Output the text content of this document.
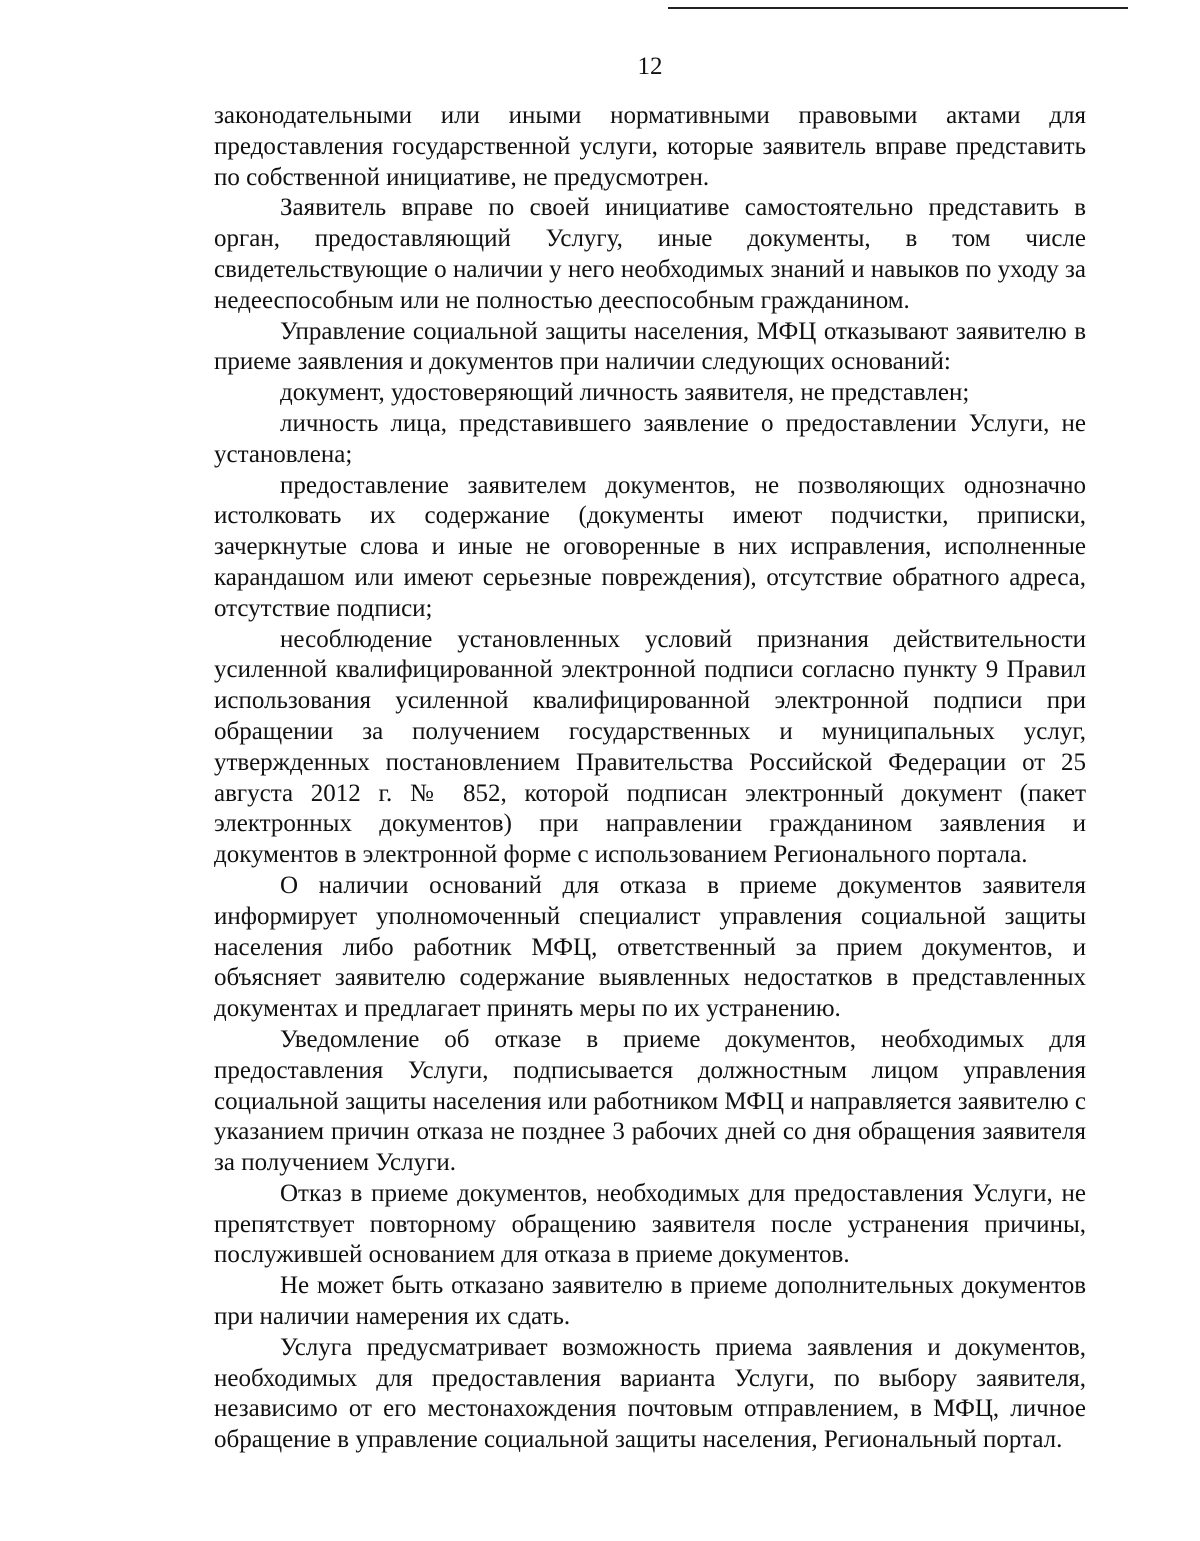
12

законодательными или иными нормативными правовыми актами для предоставления государственной услуги, которые заявитель вправе представить по собственной инициативе, не предусмотрен.

Заявитель вправе по своей инициативе самостоятельно представить в орган, предоставляющий Услугу, иные документы, в том числе свидетельствующие о наличии у него необходимых знаний и навыков по уходу за недееспособным или не полностью дееспособным гражданином.

Управление социальной защиты населения, МФЦ отказывают заявителю в приеме заявления и документов при наличии следующих оснований:

документ, удостоверяющий личность заявителя, не представлен;

личность лица, представившего заявление о предоставлении Услуги, не установлена;

предоставление заявителем документов, не позволяющих однозначно истолковать их содержание (документы имеют подчистки, приписки, зачеркнутые слова и иные не оговоренные в них исправления, исполненные карандашом или имеют серьезные повреждения), отсутствие обратного адреса, отсутствие подписи;

несоблюдение установленных условий признания действительности усиленной квалифицированной электронной подписи согласно пункту 9 Правил использования усиленной квалифицированной электронной подписи при обращении за получением государственных и муниципальных услуг, утвержденных постановлением Правительства Российской Федерации от 25 августа 2012 г. № 852, которой подписан электронный документ (пакет электронных документов) при направлении гражданином заявления и документов в электронной форме с использованием Регионального портала.

О наличии оснований для отказа в приеме документов заявителя информирует уполномоченный специалист управления социальной защиты населения либо работник МФЦ, ответственный за прием документов, и объясняет заявителю содержание выявленных недостатков в представленных документах и предлагает принять меры по их устранению.

Уведомление об отказе в приеме документов, необходимых для предоставления Услуги, подписывается должностным лицом управления социальной защиты населения или работником МФЦ и направляется заявителю с указанием причин отказа не позднее 3 рабочих дней со дня обращения заявителя за получением Услуги.

Отказ в приеме документов, необходимых для предоставления Услуги, не препятствует повторному обращению заявителя после устранения причины, послужившей основанием для отказа в приеме документов.

Не может быть отказано заявителю в приеме дополнительных документов при наличии намерения их сдать.

Услуга предусматривает возможность приема заявления и документов, необходимых для предоставления варианта Услуги, по выбору заявителя, независимо от его местонахождения почтовым отправлением, в МФЦ, личное обращение в управление социальной защиты населения, Региональный портал.
